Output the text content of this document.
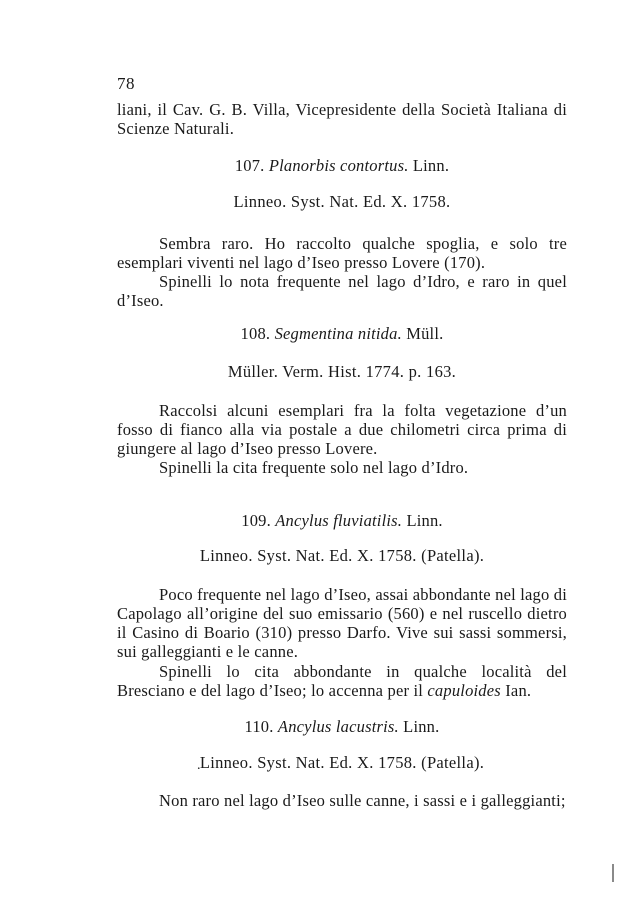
78
liani, il Cav. G. B. Villa, Vicepresidente della Società Italiana di Scienze Naturali.
107. Planorbis contortus. Linn.
Linneo. Syst. Nat. Ed. X. 1758.
Sembra raro. Ho raccolto qualche spoglia, e solo tre esemplari viventi nel lago d’Iseo presso Lovere (170).
Spinelli lo nota frequente nel lago d’Idro, e raro in quel d’Iseo.
108. Segmentina nitida. Müll.
Müller. Verm. Hist. 1774. p. 163.
Raccolsi alcuni esemplari fra la folta vegetazione d’un fosso di fianco alla via postale a due chilometri circa prima di giungere al lago d’Iseo presso Lovere.
Spinelli la cita frequente solo nel lago d’Idro.
109. Ancylus fluviatilis. Linn.
Linneo. Syst. Nat. Ed. X. 1758. (Patella).
Poco frequente nel lago d’Iseo, assai abbondante nel lago di Capolago all’origine del suo emissario (560) e nel ruscello dietro il Casino di Boario (310) presso Darfo. Vive sui sassi sommersi, sui galleggianti e le canne.
Spinelli lo cita abbondante in qualche località del Bresciano e del lago d’Iseo; lo accenna per il capuloides Ian.
110. Ancylus lacustris. Linn.
. Linneo. Syst. Nat. Ed. X. 1758. (Patella).
Non raro nel lago d’Iseo sulle canne, i sassi e i galleggianti;
